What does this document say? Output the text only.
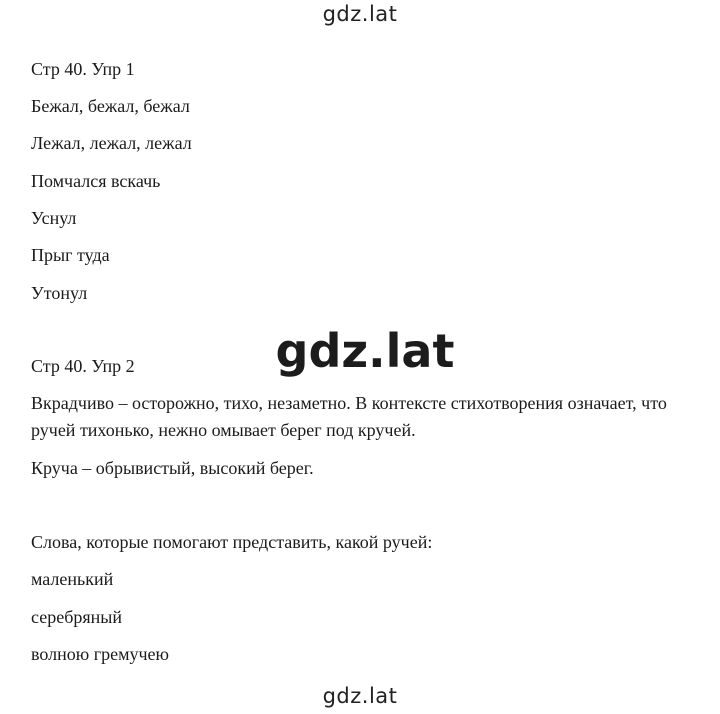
gdz.lat
Стр 40. Упр 1
Бежал, бежал, бежал
Лежал, лежал, лежал
Помчался вскачь
Уснул
Прыг туда
Утонул
gdz.lat
Стр 40. Упр 2
Вкрадчиво – осторожно, тихо, незаметно. В контексте стихотворения означает, что ручей тихонько, нежно омывает берег под кручей.
Круча – обрывистый, высокий берег.
Слова, которые помогают представить, какой ручей:
маленький
серебряный
волною гремучею
gdz.lat
